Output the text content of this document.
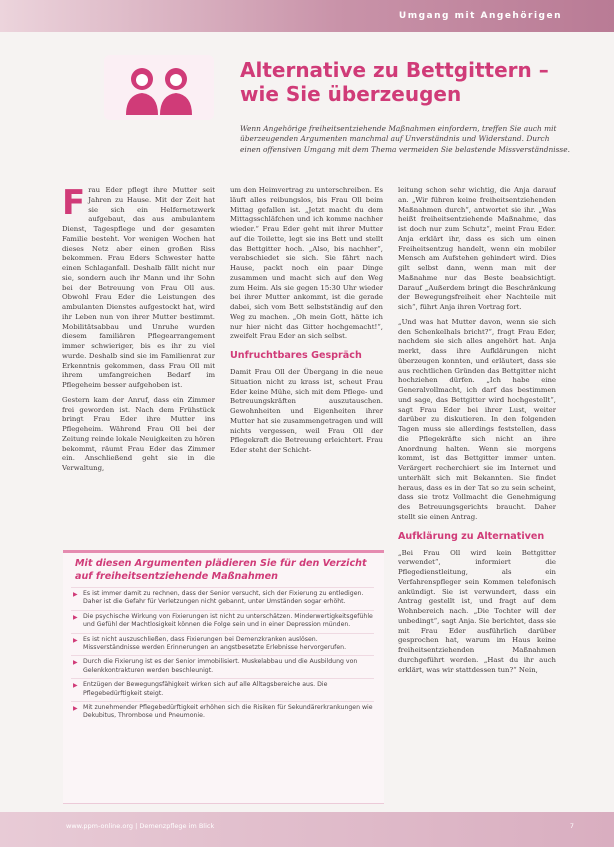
Umgang mit Angehörigen
Alternative zu Bettgittern – wie Sie überzeugen

Wenn Angehörige freiheitsentziehende Maßnahmen einfordern, treffen Sie auch mit überzeugenden Argumenten manchmal auf Unverständnis und Widerstand. Durch einen offensiven Umgang mit dem Thema vermeiden Sie belastende Missverständnisse.

Frau Eder pflegt ihre Mutter seit Jahren zu Hause. Mit der Zeit hat sie sich ein Helfernetzwerk aufgebaut, das aus ambulantem Dienst, Tagespflege und der gesamten Familie besteht. Vor wenigen Wochen hat dieses Netz aber einen großen Riss bekommen. Frau Eders Schwester hatte einen Schlaganfall. Deshalb fällt nicht nur sie, sondern auch ihr Mann und ihr Sohn bei der Betreuung von Frau Oll aus. Obwohl Frau Eder die Leistungen des ambulanten Dienstes aufgestockt hat, wird ihr Leben nun von ihrer Mutter bestimmt. Mobilitätsabbau und Unruhe wurden diesem familiären Pflegearrangement immer schwieriger, bis es ihr zu viel wurde. Deshalb sind sie im Familienrat zur Erkenntnis gekommen, dass Frau Oll mit ihrem umfangreichen Bedarf im Pflegeheim besser aufgehoben ist.

Gestern kam der Anruf, dass ein Zimmer frei geworden ist. Nach dem Frühstück bringt Frau Eder ihre Mutter ins Pflegeheim. Während Frau Oll bei der Zeitung reinde lokale Neuigkeiten zu hören bekommt, räumt Frau Eder das Zimmer ein. Anschließend geht sie in die Verwaltung,

um den Heimvertrag zu unterschreiben. Es läuft alles reibungslos, bis Frau Oll beim Mittag gefallen ist. „Jetzt macht du dem Mittagsschläfchen und ich komme nachher wieder.“ Frau Eder geht mit ihrer Mutter auf die Toilette, legt sie ins Bett und stellt das Bettgitter hoch. „Also, bis nachher“, verabschiedet sie sich. Sie fährt nach Hause, packt noch ein paar Dinge zusammen und macht sich auf den Weg zum Heim. Als sie gegen 15:30 Uhr wieder bei ihrer Mutter ankommt, ist die gerade dabei, sich vom Bett selbstständig auf den Weg zu machen. „Oh mein Gott, hätte ich nur hier nicht das Gitter hochgemacht!“, zweifelt Frau Eder an sich selbst.

Unfruchtbares Gespräch

Damit Frau Oll der Übergang in die neue Situation nicht zu krass ist, scheut Frau Eder keine Mühe, sich mit dem Pflege- und Betreuungskräften auszutauschen. Gewohnheiten und Eigenheiten ihrer Mutter hat sie zusammengetragen und will nichts vergessen, weil Frau Oll der Pflegekraft die Betreuung erleichtert. Frau Eder steht der Schicht-

leitung schon sehr wichtig, die Anja darauf an. „Wir führen keine freiheitsentziehenden Maßnahmen durch“, antwortet sie ihr. „Was heißt freiheitsentziehende Maßnahme, das ist doch nur zum Schutz“, meint Frau Eder. Anja erklärt ihr, dass es sich um einen Freiheitsentzug handelt, wenn ein mobiler Mensch am Aufstehen gehindert wird. Dies gilt selbst dann, wenn man mit der Maßnahme nur das Beste beabsichtigt. Darauf „Außerdem bringt die Beschränkung der Bewegungsfreiheit eher Nachteile mit sich“, führt Anja ihren Vortrag fort.

„Und was hat Mutter davon, wenn sie sich den Schenkelhals bricht?“, fragt Frau Eder, nachdem sie sich alles angehört hat. Anja merkt, dass ihre Aufklärungen nicht überzeugen konnten, und erläutert, dass sie aus rechtlichen Gründen das Bettgitter nicht hochziehen dürfen. „Ich habe eine Generalvollmacht, ich darf das bestimmen und sage, das Bettgitter wird hochgestellt“, sagt Frau Eder bei ihrer Lust, weiter darüber zu diskutieren. In den folgenden Tagen muss sie allerdings feststellen, dass die Pflegekräfte sich nicht an ihre Anordnung halten. Wenn sie morgens kommt, ist das Bettgitter immer unten. Verärgert recherchiert sie im Internet und unterhält sich mit Bekannten. Sie findet heraus, dass es in der Tat so zu sein scheint, dass sie trotz Vollmacht die Genehmigung des Betreuungsgerichts braucht. Daher stellt sie einen Antrag.

Aufklärung zu Alternativen

„Bei Frau Oll wird kein Bettgitter verwendet“, informiert die Pflegedienstleitung, als ein Verfahrenspfleger sein Kommen telefonisch ankündigt. Sie ist verwundert, dass ein Antrag gestellt ist, und fragt auf dem Wohnbereich nach. „Die Tochter will der unbedingt“, sagt Anja. Sie berichtet, dass sie mit Frau Eder ausführlich darüber gesprochen hat, warum im Haus keine freiheitsentziehenden Maßnahmen durchgeführt werden. „Hast du ihr auch erklärt, was wir stattdessen tun?“ Nein,

Mit diesen Argumenten plädieren Sie für den Verzicht auf freiheitsentziehende Maßnahmen
▶ Es ist immer damit zu rechnen, dass der Senior versucht, sich der Fixierung zu entledigen. Daher ist die Gefahr für Verletzungen nicht gebannt, unter Umständen sogar erhöht.
▶ Die psychische Wirkung von Fixierungen ist nicht zu unterschätzen. Minderwertigkeitsgefühle und Gefühl der Machtlosigkeit können die Folge sein und in einer Depression münden.
▶ Es ist nicht auszuschließen, dass Fixierungen bei Demenzkranken auslösen. Missverständnisse werden Erinnerungen an angstbesetzte Erlebnisse hervorgerufen.
▶ Durch die Fixierung ist es der Senior immobilisiert. Muskelabbau und die Ausbildung von Gelenkkontrakturen werden beschleunigt.
▶ Entzügen der Bewegungsfähigkeit wirken sich auf alle Alltagsbereiche aus. Die Pflegebedürftigkeit steigt.
▶ Mit zunehmender Pflegebedürftigkeit erhöhen sich die Risiken für Sekundärerkrankungen wie Dekubitus, Thrombose und Pneumonie.
www.ppm-online.org | Demenzpflege im Blick	7
